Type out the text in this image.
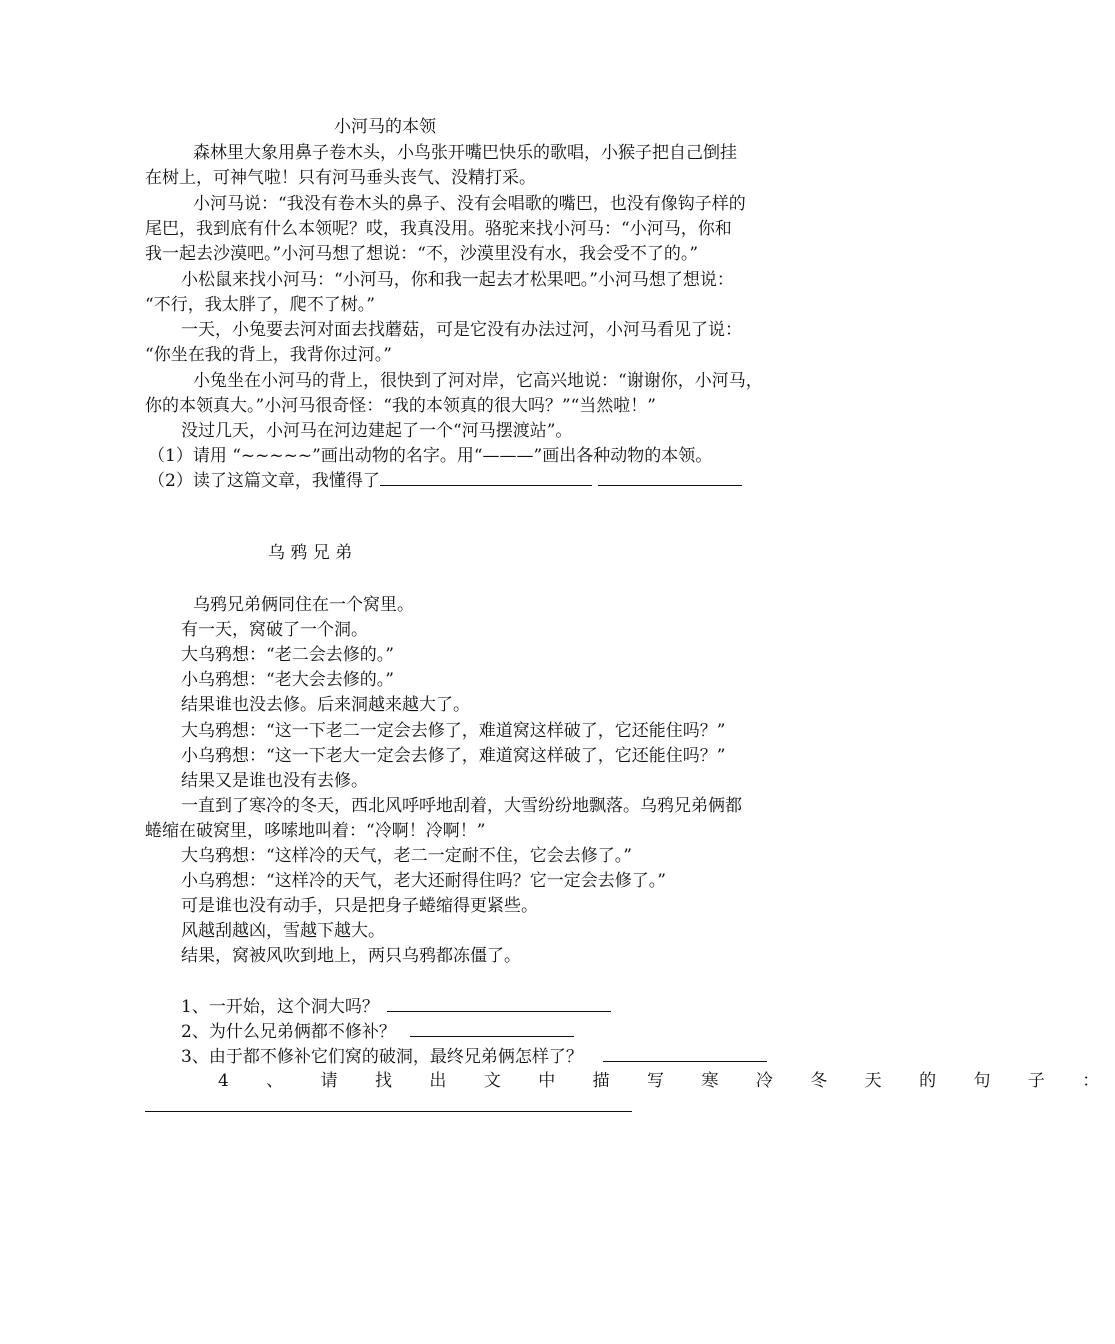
小河马的本领
森林里大象用鼻子卷木头，小鸟张开嘴巴快乐的歌唱，小猴子把自己倒挂
在树上，可神气啦！只有河马垂头丧气、没精打采。
小河马说：“我没有卷木头的鼻子、没有会唱歌的嘴巴，也没有像钩子样的
尾巴，我到底有什么本领呢？哎，我真没用。骆驼来找小河马：“小河马，你和
我一起去沙漠吧。”小河马想了想说：“不，沙漠里没有水，我会受不了的。”
小松鼠来找小河马：“小河马，你和我一起去才松果吧。”小河马想了想说：
“不行，我太胖了，爬不了树。”
一天，小兔要去河对面去找蘑菇，可是它没有办法过河，小河马看见了说：
“你坐在我的背上，我背你过河。”
小兔坐在小河马的背上，很快到了河对岸，它高兴地说：“谢谢你，小河马，
你的本领真大。”小河马很奇怪：“我的本领真的很大吗？”“当然啦！”
没过几天，小河马在河边建起了一个“河马摆渡站”。
（1）请用 “~~~~~”画出动物的名字。用“———”画出各种动物的本领。
（2）读了这篇文章，我懂得了
乌 鸦 兄 弟
乌鸦兄弟俩同住在一个窝里。
有一天，窝破了一个洞。
大乌鸦想：“老二会去修的。”
小乌鸦想：“老大会去修的。”
结果谁也没去修。后来洞越来越大了。
大乌鸦想：“这一下老二一定会去修了，难道窝这样破了，它还能住吗？”
小乌鸦想：“这一下老大一定会去修了，难道窝这样破了，它还能住吗？”
结果又是谁也没有去修。
一直到了寒冷的冬天，西北风呼呼地刮着，大雪纷纷地飘落。乌鸦兄弟俩都
蜷缩在破窝里，哆嗦地叫着：“冷啊！冷啊！”
大乌鸦想：“这样冷的天气，老二一定耐不住，它会去修了。”
小乌鸦想：“这样冷的天气，老大还耐得住吗？它一定会去修了。”
可是谁也没有动手，只是把身子蜷缩得更紧些。
风越刮越凶，雪越下越大。
结果，窝被风吹到地上，两只乌鸦都冻僵了。
1、一开始，这个洞大吗？
2、为什么兄弟俩都不修补？
3、由于都不修补它们窝的破洞，最终兄弟俩怎样了？
4 、 请 找 出 文 中 描 写 寒 冷 冬 天 的 句 子 ：
